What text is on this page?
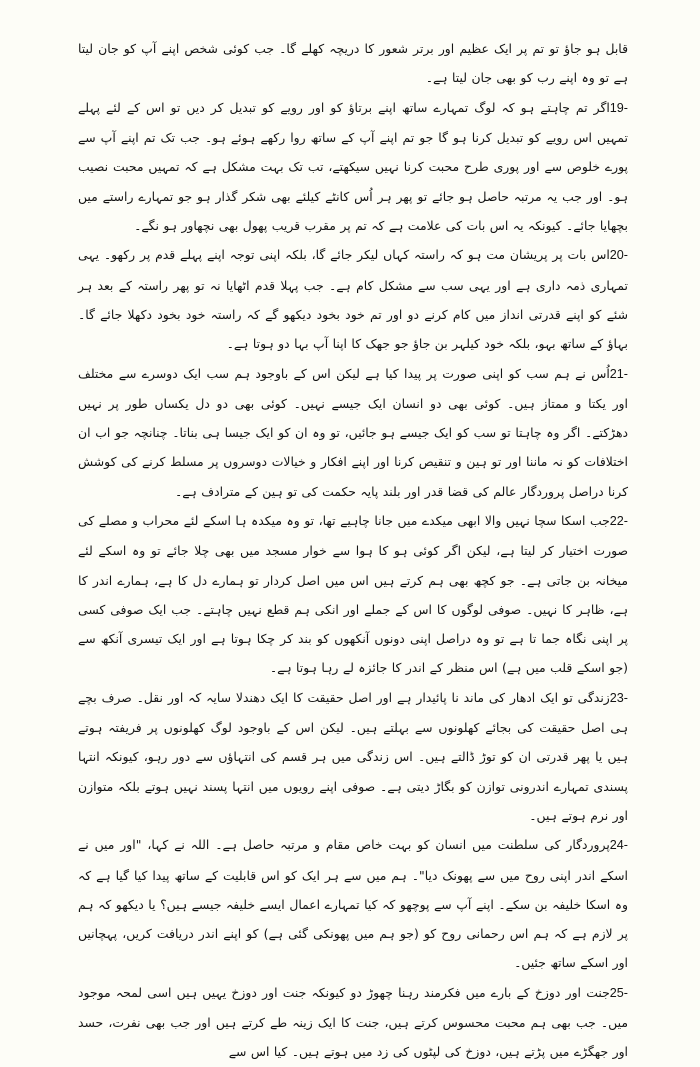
قابل ہو جاؤ تو تم پر ایک عظیم اور برتر شعور کا دریچہ کھلے گا۔ جب کوئی شخص اپنے آپ کو جان لیتا ہے تو وہ اپنے رب کو بھی جان لیتا ہے۔

19-اگر تم چاہتے ہو کہ لوگ تمہارے ساتھ اپنے برتاؤ کو اور رویے کو تبدیل کر دیں تو اس کے لئے پہلے تمہیں اس رویے کو تبدیل کرنا ہو گا جو تم اپنے آپ کے ساتھ روا رکھے ہوئے ہو۔ جب تک تم اپنے آپ سے پورے خلوص سے اور پوری طرح محبت کرنا نہیں سیکھتے، تب تک بہت مشکل ہے کہ تمہیں محبت نصیب ہو۔ اور جب یہ مرتبہ حاصل ہو جائے تو پھر ہر اُس کانٹے کیلئے بھی شکر گذار ہو جو تمہارے راستے میں بچھایا جائے۔ کیونکہ یہ اس بات کی علامت ہے کہ تم پر مقرب قریب پھول بھی نچھاور ہو نگے۔

20-اس بات پر پریشان مت ہو کہ راستہ کہاں لیکر جائے گا، بلکہ اپنی توجہ اپنے پہلے قدم پر رکھو۔ یہی تمہاری ذمہ داری ہے اور یہی سب سے مشکل کام ہے۔ جب پہلا قدم اٹھایا نہ تو پھر راستہ کے بعد ہر شئے کو اپنے قدرتی انداز میں کام کرنے دو اور تم خود بخود دیکھو گے کہ راستہ خود بخود دکھلا جائے گا۔ بہاؤ کے ساتھ بہو، بلکہ خود کیلہر بن جاؤ جو جھک کا اپنا آپ بہا دو ہوتا ہے۔

21-اُس نے ہم سب کو اپنی صورت پر پیدا کیا ہے لیکن اس کے باوجود ہم سب ایک دوسرے سے مختلف اور یکتا و ممتاز ہیں۔ کوئی بھی دو انسان ایک جیسے نہیں۔ کوئی بھی دو دل یکساں طور پر نہیں دھڑکتے۔ اگر وہ چاہتا تو سب کو ایک جیسے ہو جائیں، تو وہ ان کو ایک جیسا ہی بناتا۔ چنانچہ جو اب ان اختلافات کو نہ ماننا اور تو ہین و تنقیص کرنا اور اپنے افکار و خیالات دوسروں پر مسلط کرنے کی کوشش کرنا دراصل پروردگار عالم کی قضا قدر اور بلند پایہ حکمت کی تو ہین کے مترادف ہے۔

22-جب اسکا سچا نہیں والا ابھی میکدے میں جانا چاہیے تھا، تو وہ میکدہ ہا اسکے لئے محراب و مصلے کی صورت اختیار کر لیتا ہے، لیکن اگر کوئی ہو کا ہوا سے خوار مسجد میں بھی چلا جائے تو وہ اسکے لئے میخانہ بن جاتی ہے۔ جو کچھ بھی ہم کرتے ہیں اس میں اصل کردار تو ہمارے دل کا ہے، ہمارے اندر کا ہے، ظاہر کا نہیں۔ صوفی لوگوں کا اس کے جملے اور انکی ہم قطع نہیں چاہتے۔ جب ایک صوفی کسی پر اپنی نگاہ جما تا ہے تو وہ دراصل اپنی دونوں آنکھوں کو بند کر چکا ہوتا ہے اور ایک تیسری آنکھ سے (جو اسکے قلب میں ہے) اس منظر کے اندر کا جائزہ لے رہا ہوتا ہے۔

23-زندگی تو ایک ادھار کی ماند نا پائیدار ہے اور اصل حقیقت کا ایک دھندلا سایہ کہ اور نقل۔ صرف بچے ہی اصل حقیقت کی بجائے کھلونوں سے بہلتے ہیں۔ لیکن اس کے باوجود لوگ کھلونوں پر فریفتہ ہوتے ہیں یا پھر قدرتی ان کو توڑ ڈالتے ہیں۔ اس زندگی میں ہر قسم کی انتہاؤں سے دور رہو، کیونکہ انتہا پسندی تمہارے اندرونی توازن کو بگاڑ دیتی ہے۔ صوفی اپنے رویوں میں انتہا پسند نہیں ہوتے بلکہ متوازن اور نرم ہوتے ہیں۔

24-پروردگار کی سلطنت میں انسان کو بہت خاص مقام و مرتبہ حاصل ہے۔ اللہ نے کہا، "اور میں نے اسکے اندر اپنی روح میں سے پھونک دیا"۔ ہم میں سے ہر ایک کو اس قابلیت کے ساتھ پیدا کیا گیا ہے کہ وہ اسکا خلیفہ بن سکے۔ اپنے آپ سے پوچھو کہ کیا تمہارے اعمال ایسے خلیفہ جیسے ہیں؟ یا دیکھو کہ ہم پر لازم ہے کہ ہم اس رحمانی روح کو (جو ہم میں پھونکی گئی ہے) کو اپنے اندر دریافت کریں، پہچانیں اور اسکے ساتھ جئیں۔

25-جنت اور دوزخ کے بارے میں فکرمند رہنا چھوڑ دو کیونکہ جنت اور دوزخ یہیں ہیں اسی لمحہ موجود میں۔ جب بھی ہم محبت محسوس کرتے ہیں، جنت کا ایک زینہ طے کرتے ہیں اور جب بھی نفرت، حسد اور جھگڑے میں پڑتے ہیں، دوزخ کی لپٹوں کی زد میں ہوتے ہیں۔ کیا اس سے
